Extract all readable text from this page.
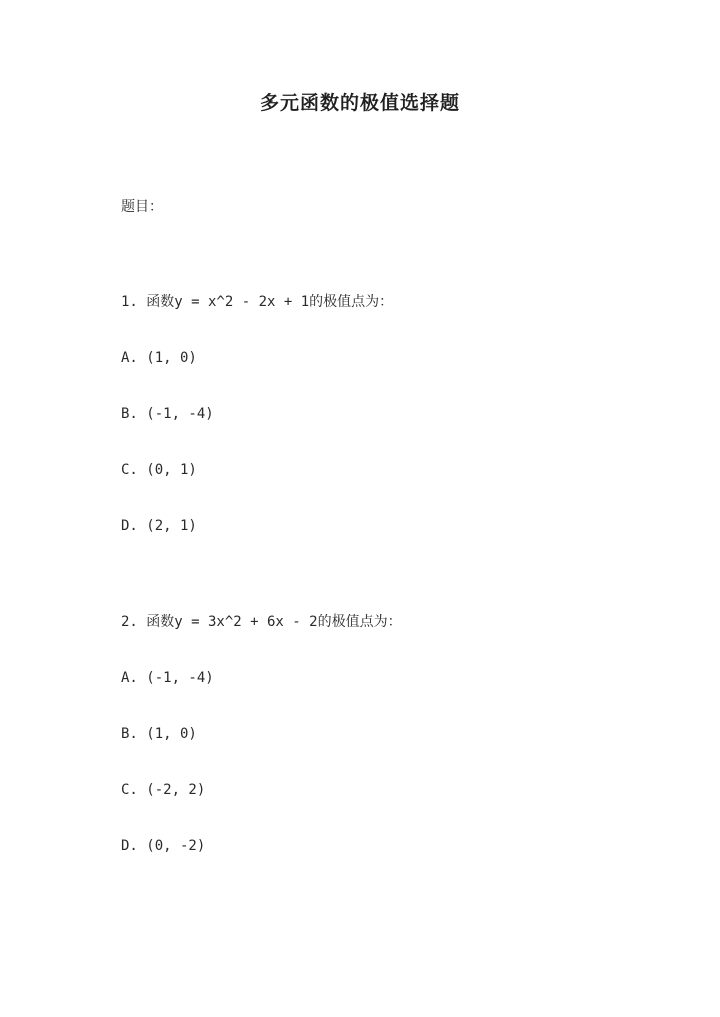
多元函数的极值选择题
题目：
1. 函数y = x^2 - 2x + 1的极值点为：
A. (1, 0)
B. (-1, -4)
C. (0, 1)
D. (2, 1)
2. 函数y = 3x^2 + 6x - 2的极值点为：
A. (-1, -4)
B. (1, 0)
C. (-2, 2)
D. (0, -2)
